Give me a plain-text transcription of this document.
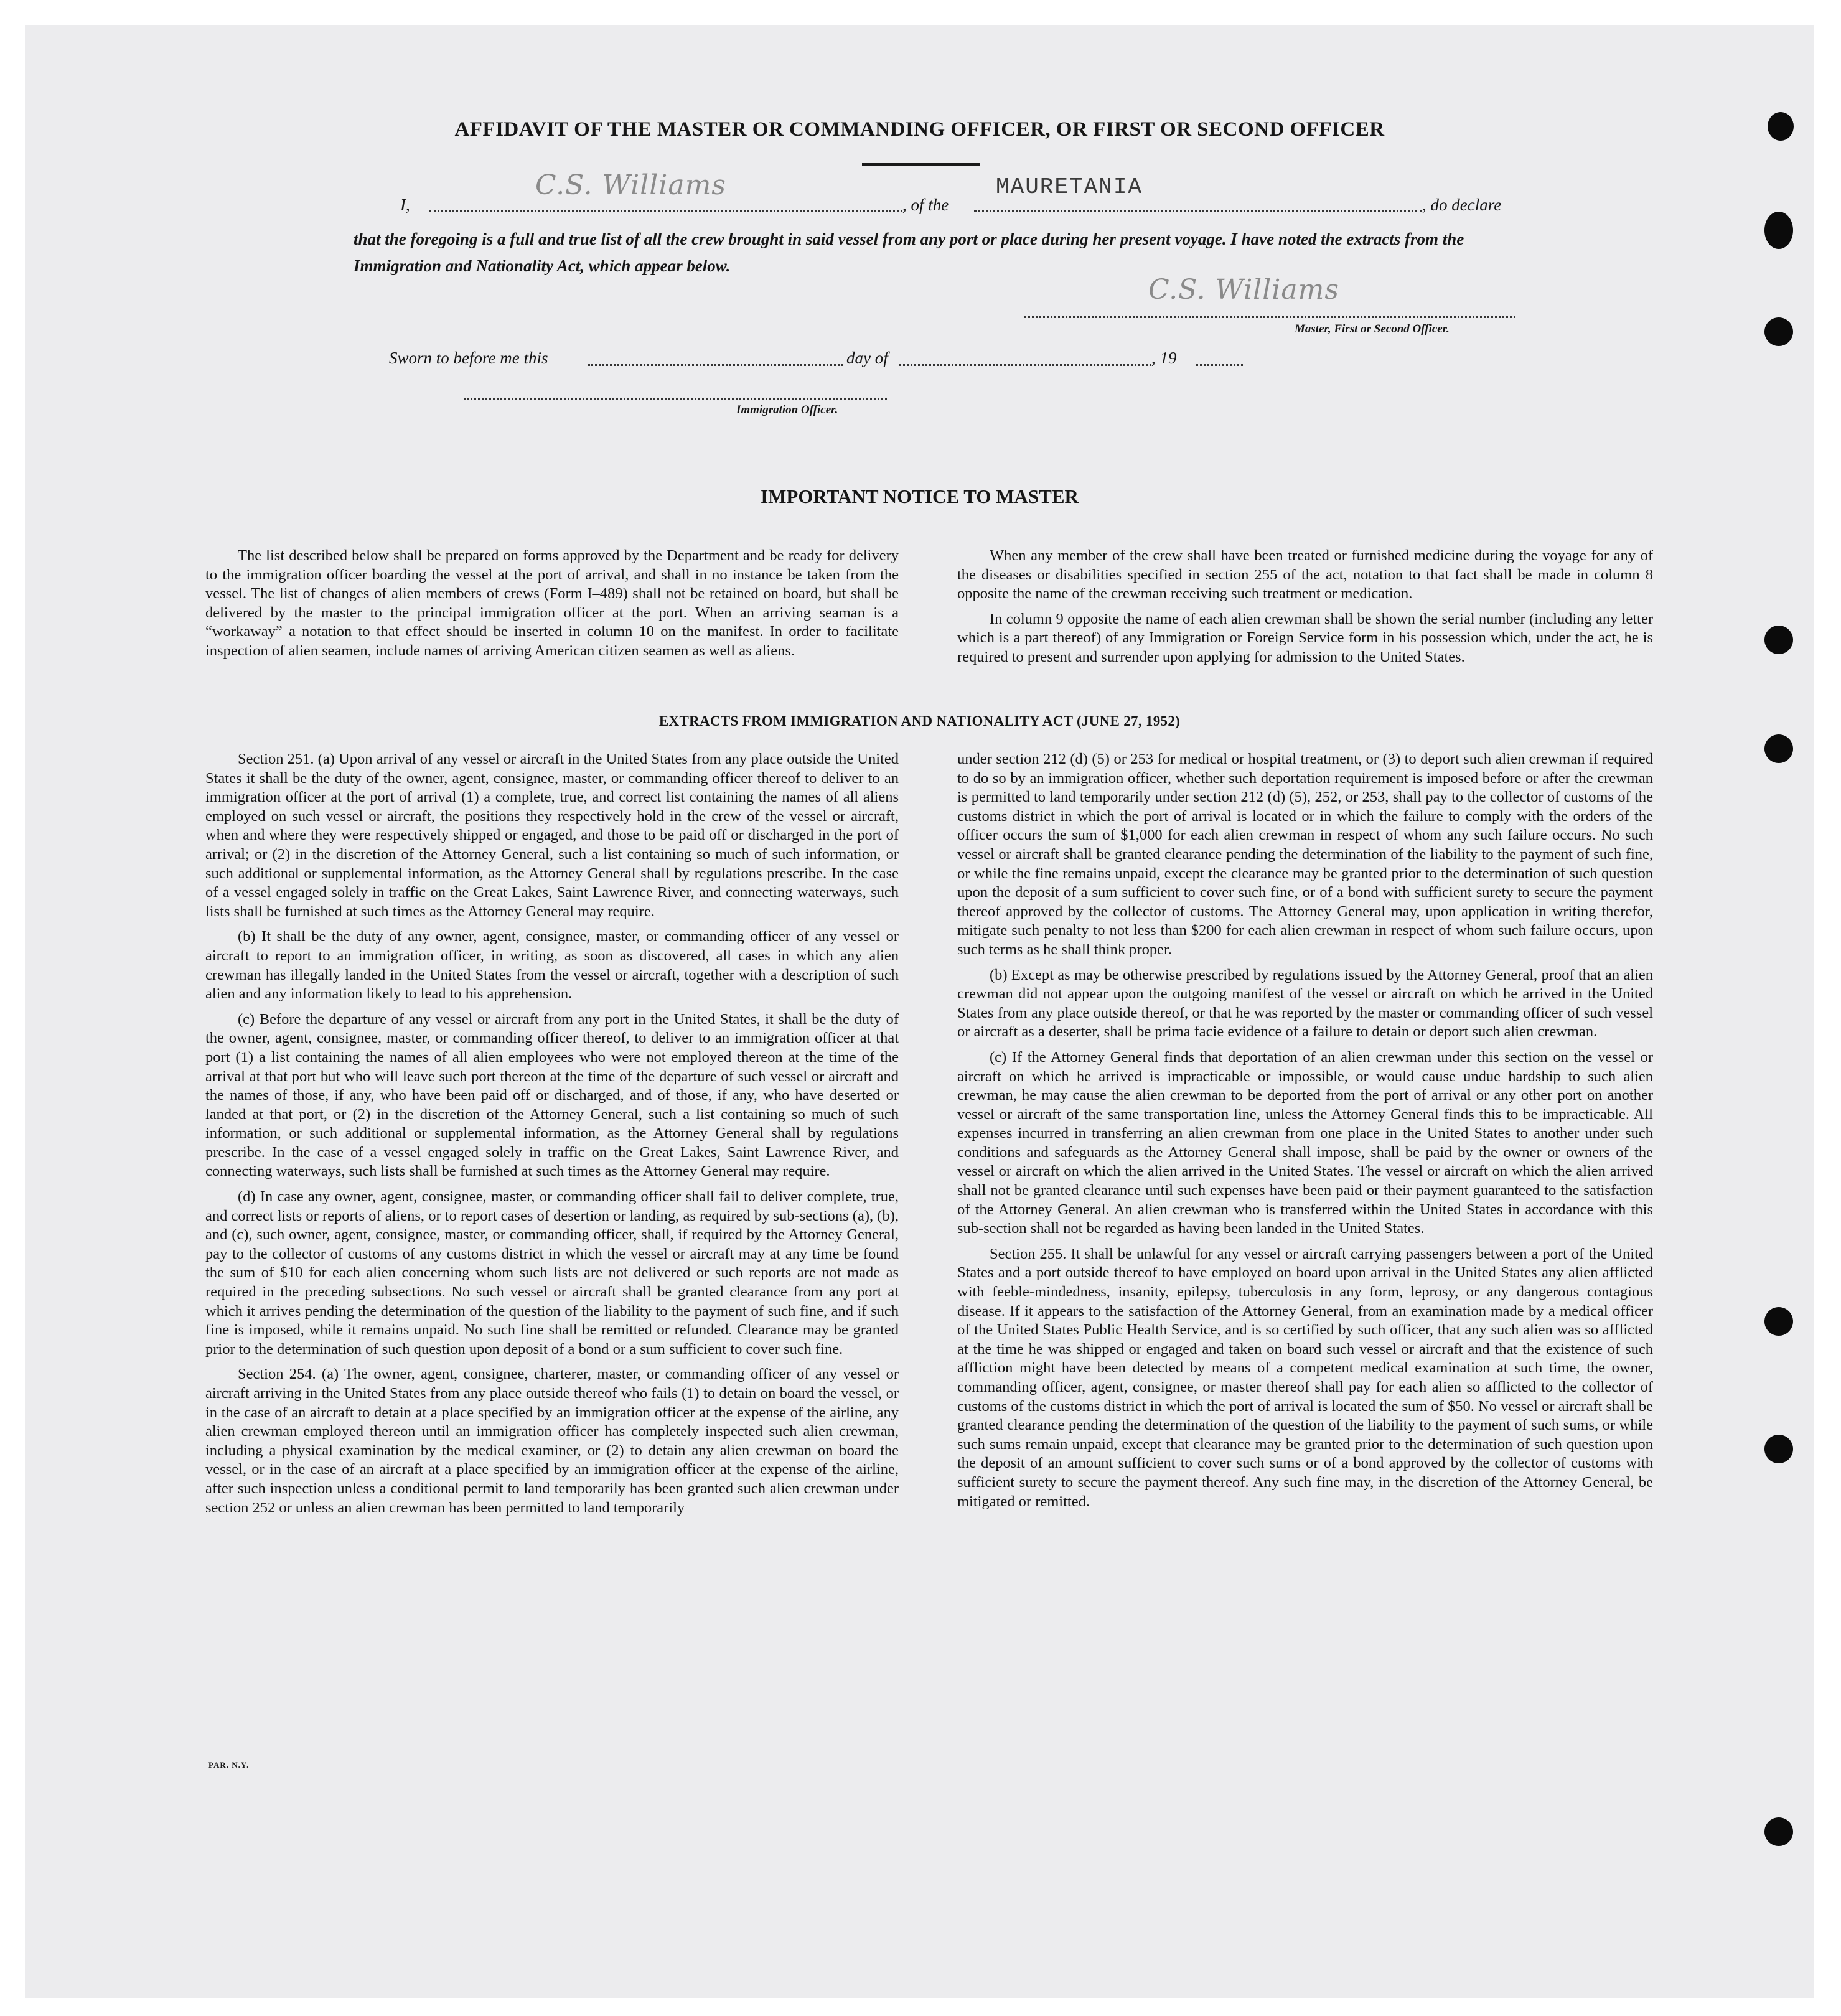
AFFIDAVIT OF THE MASTER OR COMMANDING OFFICER, OR FIRST OR SECOND OFFICER
I,
C.S. Williams
, of the
MAURETANIA
, do declare
that the foregoing is a full and true list of all the crew brought in said vessel from any port or place during her present voyage. I have noted the extracts from the Immigration and Nationality Act, which appear below.
C.S. Williams
Master, First or Second Officer.
Sworn to before me this	day of	, 19
Immigration Officer.
IMPORTANT NOTICE TO MASTER

The list described below shall be prepared on forms approved by the Department and be ready for delivery to the immigration officer boarding the vessel at the port of arrival, and shall in no instance be taken from the vessel. The list of changes of alien members of crews (Form I–489) shall not be retained on board, but shall be delivered by the master to the principal immigration officer at the port. When an arriving seaman is a “workaway” a notation to that effect should be inserted in column 10 on the manifest. In order to facilitate inspection of alien seamen, include names of arriving American citizen seamen as well as aliens.

When any member of the crew shall have been treated or furnished medicine during the voyage for any of the diseases or disabilities specified in section 255 of the act, notation to that fact shall be made in column 8 opposite the name of the crewman receiving such treatment or medication.

In column 9 opposite the name of each alien crewman shall be shown the serial number (including any letter which is a part thereof) of any Immigration or Foreign Service form in his possession which, under the act, he is required to present and surrender upon applying for admission to the United States.

EXTRACTS FROM IMMIGRATION AND NATIONALITY ACT (JUNE 27, 1952)

Section 251. (a) Upon arrival of any vessel or aircraft in the United States from any place outside the United States it shall be the duty of the owner, agent, consignee, master, or commanding officer thereof to deliver to an immigration officer at the port of arrival (1) a complete, true, and correct list containing the names of all aliens employed on such vessel or aircraft, the positions they respectively hold in the crew of the vessel or aircraft, when and where they were respectively shipped or engaged, and those to be paid off or discharged in the port of arrival; or (2) in the discretion of the Attorney General, such a list containing so much of such information, or such additional or supplemental information, as the Attorney General shall by regulations prescribe. In the case of a vessel engaged solely in traffic on the Great Lakes, Saint Lawrence River, and connecting waterways, such lists shall be furnished at such times as the Attorney General may require.

(b) It shall be the duty of any owner, agent, consignee, master, or commanding officer of any vessel or aircraft to report to an immigration officer, in writing, as soon as discovered, all cases in which any alien crewman has illegally landed in the United States from the vessel or aircraft, together with a description of such alien and any information likely to lead to his apprehension.

(c) Before the departure of any vessel or aircraft from any port in the United States, it shall be the duty of the owner, agent, consignee, master, or commanding officer thereof, to deliver to an immigration officer at that port (1) a list containing the names of all alien employees who were not employed thereon at the time of the arrival at that port but who will leave such port thereon at the time of the departure of such vessel or aircraft and the names of those, if any, who have been paid off or discharged, and of those, if any, who have deserted or landed at that port, or (2) in the discretion of the Attorney General, such a list containing so much of such information, or such additional or supplemental information, as the Attorney General shall by regulations prescribe. In the case of a vessel engaged solely in traffic on the Great Lakes, Saint Lawrence River, and connecting waterways, such lists shall be furnished at such times as the Attorney General may require.

(d) In case any owner, agent, consignee, master, or commanding officer shall fail to deliver complete, true, and correct lists or reports of aliens, or to report cases of desertion or landing, as required by sub-sections (a), (b), and (c), such owner, agent, consignee, master, or commanding officer, shall, if required by the Attorney General, pay to the collector of customs of any customs district in which the vessel or aircraft may at any time be found the sum of $10 for each alien concerning whom such lists are not delivered or such reports are not made as required in the preceding subsections. No such vessel or aircraft shall be granted clearance from any port at which it arrives pending the determination of the question of the liability to the payment of such fine, and if such fine is imposed, while it remains unpaid. No such fine shall be remitted or refunded. Clearance may be granted prior to the determination of such question upon deposit of a bond or a sum sufficient to cover such fine.

Section 254. (a) The owner, agent, consignee, charterer, master, or commanding officer of any vessel or aircraft arriving in the United States from any place outside thereof who fails (1) to detain on board the vessel, or in the case of an aircraft to detain at a place specified by an immigration officer at the expense of the airline, any alien crewman employed thereon until an immigration officer has completely inspected such alien crewman, including a physical examination by the medical examiner, or (2) to detain any alien crewman on board the vessel, or in the case of an aircraft at a place specified by an immigration officer at the expense of the airline, after such inspection unless a conditional permit to land temporarily has been granted such alien crewman under section 252 or unless an alien crewman has been permitted to land temporarily

under section 212 (d) (5) or 253 for medical or hospital treatment, or (3) to deport such alien crewman if required to do so by an immigration officer, whether such deportation requirement is imposed before or after the crewman is permitted to land temporarily under section 212 (d) (5), 252, or 253, shall pay to the collector of customs of the customs district in which the port of arrival is located or in which the failure to comply with the orders of the officer occurs the sum of $1,000 for each alien crewman in respect of whom any such failure occurs. No such vessel or aircraft shall be granted clearance pending the determination of the liability to the payment of such fine, or while the fine remains unpaid, except the clearance may be granted prior to the determination of such question upon the deposit of a sum sufficient to cover such fine, or of a bond with sufficient surety to secure the payment thereof approved by the collector of customs. The Attorney General may, upon application in writing therefor, mitigate such penalty to not less than $200 for each alien crewman in respect of whom such failure occurs, upon such terms as he shall think proper.

(b) Except as may be otherwise prescribed by regulations issued by the Attorney General, proof that an alien crewman did not appear upon the outgoing manifest of the vessel or aircraft on which he arrived in the United States from any place outside thereof, or that he was reported by the master or commanding officer of such vessel or aircraft as a deserter, shall be prima facie evidence of a failure to detain or deport such alien crewman.

(c) If the Attorney General finds that deportation of an alien crewman under this section on the vessel or aircraft on which he arrived is impracticable or impossible, or would cause undue hardship to such alien crewman, he may cause the alien crewman to be deported from the port of arrival or any other port on another vessel or aircraft of the same transportation line, unless the Attorney General finds this to be impracticable. All expenses incurred in transferring an alien crewman from one place in the United States to another under such conditions and safeguards as the Attorney General shall impose, shall be paid by the owner or owners of the vessel or aircraft on which the alien arrived in the United States. The vessel or aircraft on which the alien arrived shall not be granted clearance until such expenses have been paid or their payment guaranteed to the satisfaction of the Attorney General. An alien crewman who is transferred within the United States in accordance with this sub-section shall not be regarded as having been landed in the United States.

Section 255. It shall be unlawful for any vessel or aircraft carrying passengers between a port of the United States and a port outside thereof to have employed on board upon arrival in the United States any alien afflicted with feeble-mindedness, insanity, epilepsy, tuberculosis in any form, leprosy, or any dangerous contagious disease. If it appears to the satisfaction of the Attorney General, from an examination made by a medical officer of the United States Public Health Service, and is so certified by such officer, that any such alien was so afflicted at the time he was shipped or engaged and taken on board such vessel or aircraft and that the existence of such affliction might have been detected by means of a competent medical examination at such time, the owner, commanding officer, agent, consignee, or master thereof shall pay for each alien so afflicted to the collector of customs of the customs district in which the port of arrival is located the sum of $50. No vessel or aircraft shall be granted clearance pending the determination of the question of the liability to the payment of such sums, or while such sums remain unpaid, except that clearance may be granted prior to the determination of such question upon the deposit of an amount sufficient to cover such sums or of a bond approved by the collector of customs with sufficient surety to secure the payment thereof. Any such fine may, in the discretion of the Attorney General, be mitigated or remitted.

PAR. N.Y.
